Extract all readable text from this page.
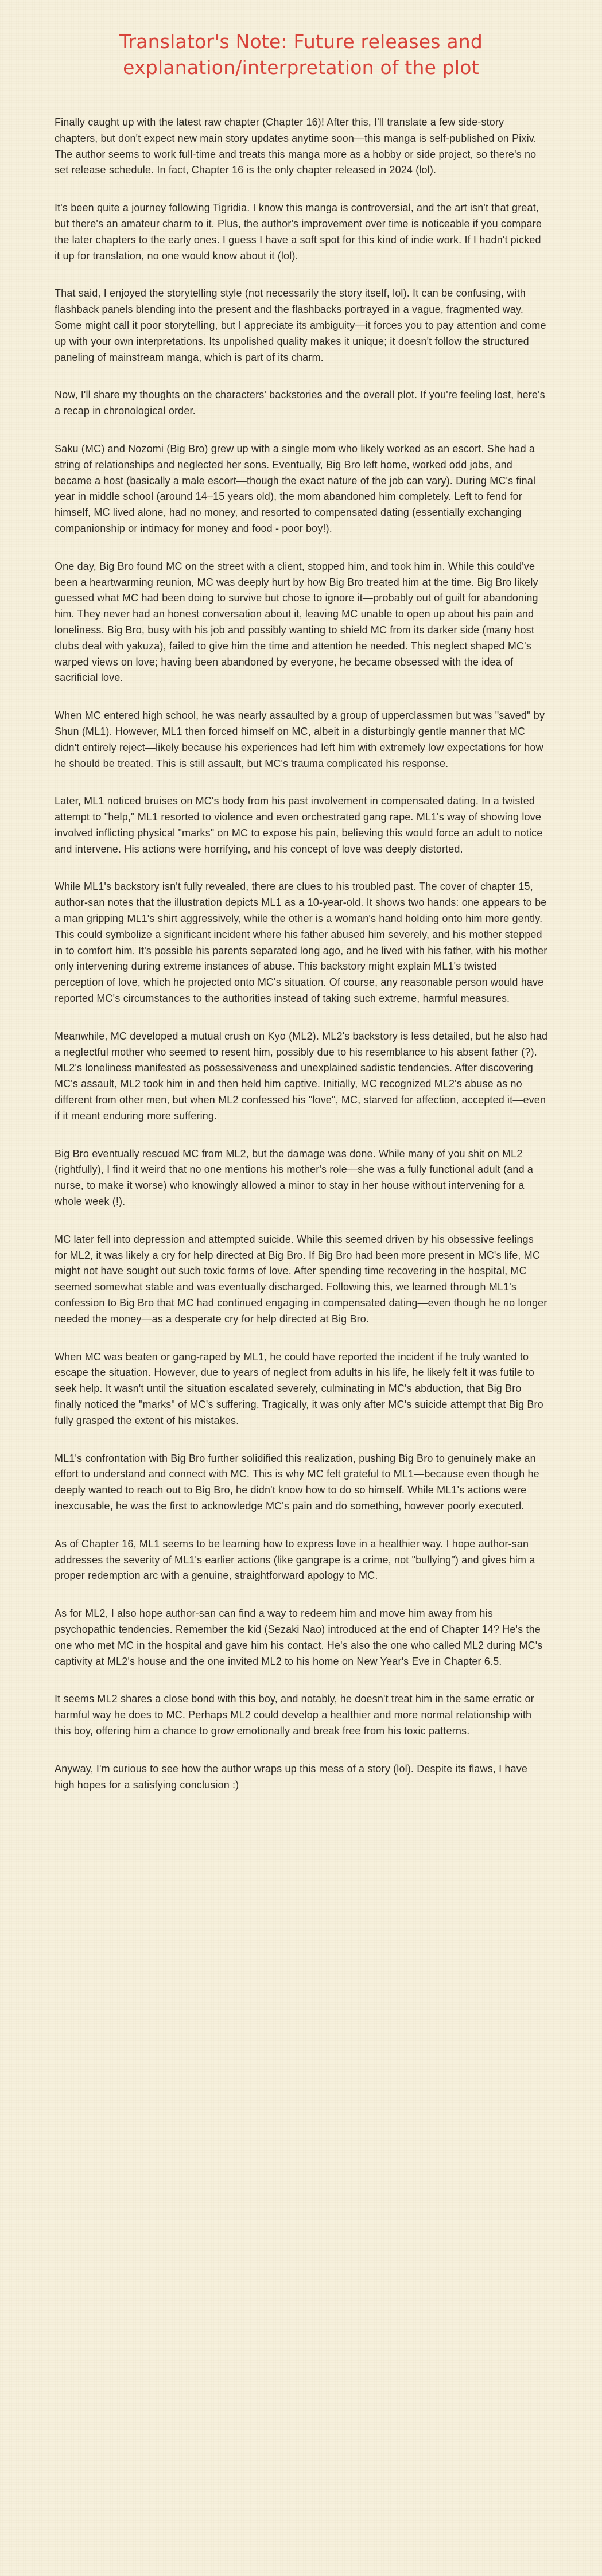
Translator's Note: Future releases and
explanation/interpretation of the plot

Finally caught up with the latest raw chapter (Chapter 16)! After this, I'll translate a few side-story chapters, but don't expect new main story updates anytime soon—this manga is self-published on Pixiv. The author seems to work full-time and treats this manga more as a hobby or side project, so there's no set release schedule. In fact, Chapter 16 is the only chapter released in 2024 (lol).

It's been quite a journey following Tigridia. I know this manga is controversial, and the art isn't that great, but there's an amateur charm to it. Plus, the author's improvement over time is noticeable if you compare the later chapters to the early ones. I guess I have a soft spot for this kind of indie work. If I hadn't picked it up for translation, no one would know about it (lol).

That said, I enjoyed the storytelling style (not necessarily the story itself, lol). It can be confusing, with flashback panels blending into the present and the flashbacks portrayed in a vague, fragmented way. Some might call it poor storytelling, but I appreciate its ambiguity—it forces you to pay attention and come up with your own interpretations. Its unpolished quality makes it unique; it doesn't follow the structured paneling of mainstream manga, which is part of its charm.

Now, I'll share my thoughts on the characters' backstories and the overall plot. If you're feeling lost, here's a recap in chronological order.

Saku (MC) and Nozomi (Big Bro) grew up with a single mom who likely worked as an escort. She had a string of relationships and neglected her sons. Eventually, Big Bro left home, worked odd jobs, and became a host (basically a male escort—though the exact nature of the job can vary). During MC's final year in middle school (around 14–15 years old), the mom abandoned him completely. Left to fend for himself, MC lived alone, had no money, and resorted to compensated dating (essentially exchanging companionship or intimacy for money and food - poor boy!).

One day, Big Bro found MC on the street with a client, stopped him, and took him in. While this could've been a heartwarming reunion, MC was deeply hurt by how Big Bro treated him at the time. Big Bro likely guessed what MC had been doing to survive but chose to ignore it—probably out of guilt for abandoning him. They never had an honest conversation about it, leaving MC unable to open up about his pain and loneliness. Big Bro, busy with his job and possibly wanting to shield MC from its darker side (many host clubs deal with yakuza), failed to give him the time and attention he needed. This neglect shaped MC's warped views on love; having been abandoned by everyone, he became obsessed with the idea of sacrificial love.

When MC entered high school, he was nearly assaulted by a group of upperclassmen but was "saved" by Shun (ML1). However, ML1 then forced himself on MC, albeit in a disturbingly gentle manner that MC didn't entirely reject—likely because his experiences had left him with extremely low expectations for how he should be treated. This is still assault, but MC's trauma complicated his response.

Later, ML1 noticed bruises on MC's body from his past involvement in compensated dating. In a twisted attempt to "help," ML1 resorted to violence and even orchestrated gang rape. ML1's way of showing love involved inflicting physical "marks" on MC to expose his pain, believing this would force an adult to notice and intervene. His actions were horrifying, and his concept of love was deeply distorted.

While ML1's backstory isn't fully revealed, there are clues to his troubled past. The cover of chapter 15, author-san notes that the illustration depicts ML1 as a 10-year-old. It shows two hands: one appears to be a man gripping ML1's shirt aggressively, while the other is a woman's hand holding onto him more gently. This could symbolize a significant incident where his father abused him severely, and his mother stepped in to comfort him. It's possible his parents separated long ago, and he lived with his father, with his mother only intervening during extreme instances of abuse. This backstory might explain ML1's twisted perception of love, which he projected onto MC's situation. Of course, any reasonable person would have reported MC's circumstances to the authorities instead of taking such extreme, harmful measures.

Meanwhile, MC developed a mutual crush on Kyo (ML2). ML2's backstory is less detailed, but he also had a neglectful mother who seemed to resent him, possibly due to his resemblance to his absent father (?). ML2's loneliness manifested as possessiveness and unexplained sadistic tendencies. After discovering MC's assault, ML2 took him in and then held him captive. Initially, MC recognized ML2's abuse as no different from other men, but when ML2 confessed his "love", MC, starved for affection, accepted it—even if it meant enduring more suffering.

Big Bro eventually rescued MC from ML2, but the damage was done. While many of you shit on ML2 (rightfully), I find it weird that no one mentions his mother's role—she was a fully functional adult (and a nurse, to make it worse) who knowingly allowed a minor to stay in her house without intervening for a whole week (!).

MC later fell into depression and attempted suicide. While this seemed driven by his obsessive feelings for ML2, it was likely a cry for help directed at Big Bro. If Big Bro had been more present in MC's life, MC might not have sought out such toxic forms of love. After spending time recovering in the hospital, MC seemed somewhat stable and was eventually discharged. Following this, we learned through ML1's confession to Big Bro that MC had continued engaging in compensated dating—even though he no longer needed the money—as a desperate cry for help directed at Big Bro.

When MC was beaten or gang-raped by ML1, he could have reported the incident if he truly wanted to escape the situation. However, due to years of neglect from adults in his life, he likely felt it was futile to seek help. It wasn't until the situation escalated severely, culminating in MC's abduction, that Big Bro finally noticed the "marks" of MC's suffering. Tragically, it was only after MC's suicide attempt that Big Bro fully grasped the extent of his mistakes.

ML1's confrontation with Big Bro further solidified this realization, pushing Big Bro to genuinely make an effort to understand and connect with MC. This is why MC felt grateful to ML1—because even though he deeply wanted to reach out to Big Bro, he didn't know how to do so himself. While ML1's actions were inexcusable, he was the first to acknowledge MC's pain and do something, however poorly executed.

As of Chapter 16, ML1 seems to be learning how to express love in a healthier way. I hope author-san addresses the severity of ML1's earlier actions (like gangrape is a crime, not "bullying") and gives him a proper redemption arc with a genuine, straightforward apology to MC.

As for ML2, I also hope author-san can find a way to redeem him and move him away from his psychopathic tendencies. Remember the kid (Sezaki Nao) introduced at the end of Chapter 14? He's the one who met MC in the hospital and gave him his contact. He's also the one who called ML2 during MC's captivity at ML2's house and the one invited ML2 to his home on New Year's Eve in Chapter 6.5.

It seems ML2 shares a close bond with this boy, and notably, he doesn't treat him in the same erratic or harmful way he does to MC. Perhaps ML2 could develop a healthier and more normal relationship with this boy, offering him a chance to grow emotionally and break free from his toxic patterns.

Anyway, I'm curious to see how the author wraps up this mess of a story (lol). Despite its flaws, I have high hopes for a satisfying conclusion :)
